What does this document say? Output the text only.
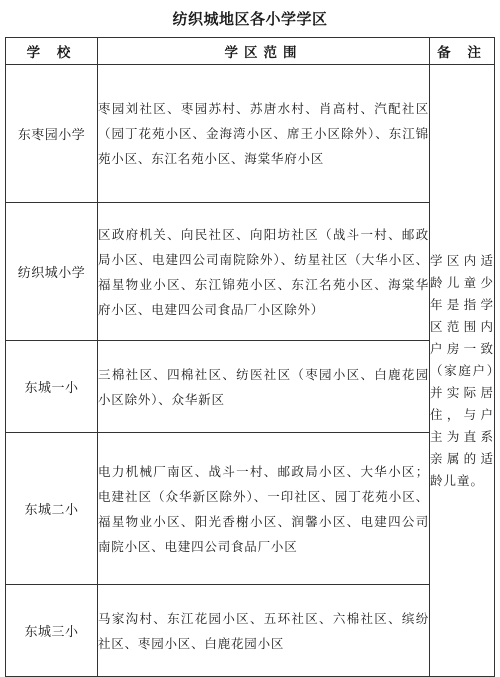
纺织城地区各小学学区
学 校	学区范围	备 注
东枣园小学	枣园刘社区、枣园苏村、苏唐水村、肖高村、汽配社区（园丁花苑小区、金海湾小区、席王小区除外）、东江锦苑小区、东江名苑小区、海棠华府小区	学区内适龄儿童少年是指学区范围内户房一致（家庭户）并实际居住，与户主为直系亲属的适龄儿童。
纺织城小学	区政府机关、向民社区、向阳坊社区（战斗一村、邮政局小区、电建四公司南院除外）、纺星社区（大华小区、福星物业小区、东江锦苑小区、东江名苑小区、海棠华府小区、电建四公司食品厂小区除外）	
东城一小	三棉社区、四棉社区、纺医社区（枣园小区、白鹿花园小区除外）、众华新区	
东城二小	电力机械厂南区、战斗一村、邮政局小区、大华小区；电建社区（众华新区除外）、一印社区、园丁花苑小区、福星物业小区、阳光香榭小区、润馨小区、电建四公司南院小区、电建四公司食品厂小区	
东城三小	马家沟村、东江花园小区、五环社区、六棉社区、缤纷社区、枣园小区、白鹿花园小区	
